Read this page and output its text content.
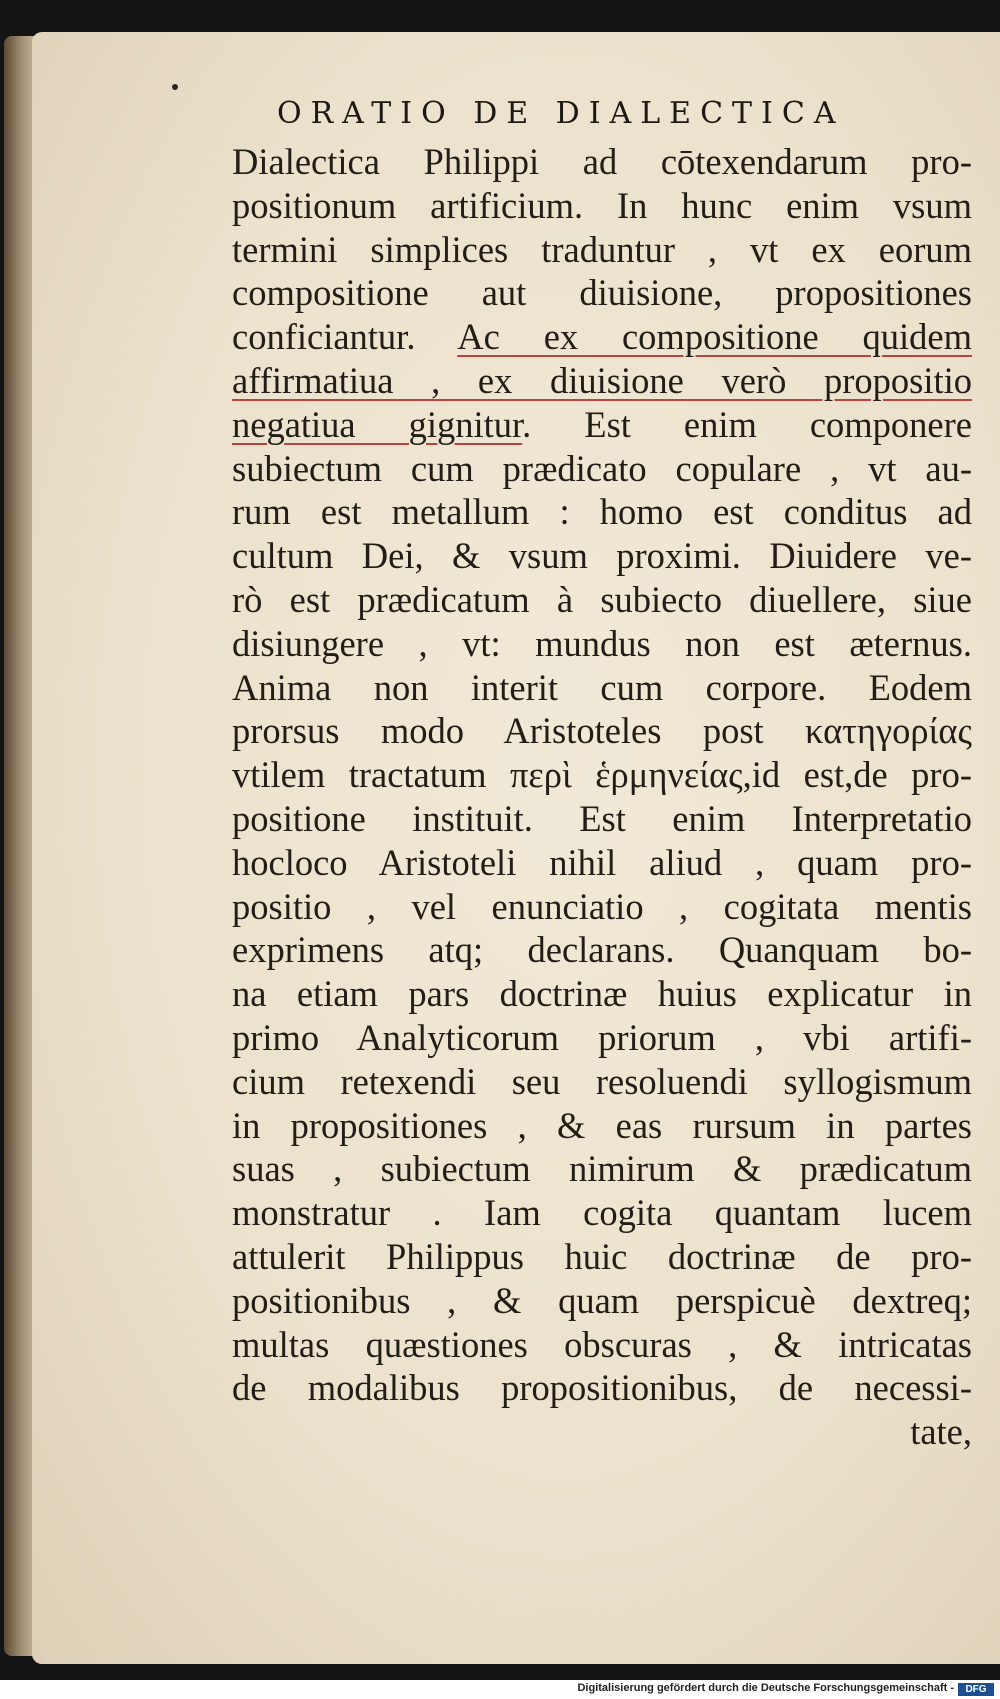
ORATIO DE DIALECTICA
Dialectica Philippi ad cōtexendarum pro-
positionum artificium. In hunc enim vsum
termini simplices traduntur , vt ex eorum
compositione aut diuisione, propositiones
conficiantur. Ac ex compositione quidem
affirmatiua , ex diuisione verò propositio
negatiua gignitur. Est enim componere
subiectum cum prædicato copulare , vt au-
rum est metallum : homo est conditus ad
cultum Dei, & vsum proximi. Diuidere ve-
rò est prædicatum à subiecto diuellere, siue
disiungere , vt: mundus non est æternus.
Anima non interit cum corpore. Eodem
prorsus modo Aristoteles post κατηγορίας
vtilem tractatum περὶ ἑρμηνείας,id est,de pro-
positione instituit. Est enim Interpretatio
hocloco Aristoteli nihil aliud , quam pro-
positio , vel enunciatio , cogitata mentis
exprimens atq; declarans. Quanquam bo-
na etiam pars doctrinæ huius explicatur in
primo Analyticorum priorum , vbi artifi-
cium retexendi seu resoluendi syllogismum
in propositiones , & eas rursum in partes
suas , subiectum nimirum & prædicatum
monstratur . Iam cogita quantam lucem
attulerit Philippus huic doctrinæ de pro-
positionibus , & quam perspicuè dextreq;
multas quæstiones obscuras , & intricatas
de modalibus propositionibus, de necessi-
tate,
Digitalisierung gefördert durch die Deutsche Forschungsgemeinschaft -	DFG
